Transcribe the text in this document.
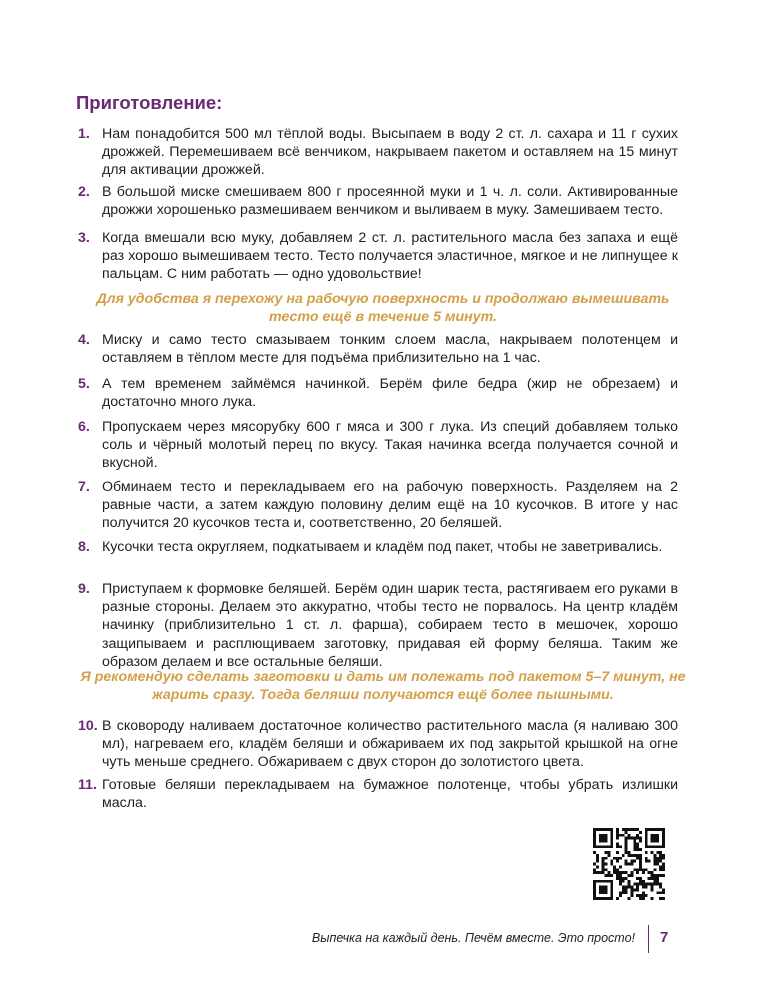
Приготовление:
1. Нам понадобится 500 мл тёплой воды. Высыпаем в воду 2 ст. л. сахара и 11 г сухих дрожжей. Перемешиваем всё венчиком, накрываем пакетом и оставляем на 15 минут для активации дрожжей.
2. В большой миске смешиваем 800 г просеянной муки и 1 ч. л. соли. Активированные дрожжи хорошенько размешиваем венчиком и выливаем в муку. Замешиваем тесто.
3. Когда вмешали всю муку, добавляем 2 ст. л. растительного масла без запаха и ещё раз хорошо вымешиваем тесто. Тесто получается эластичное, мягкое и не липнущее к пальцам. С ним работать — одно удовольствие!
Для удобства я перехожу на рабочую поверхность и продолжаю вымешивать тесто ещё в течение 5 минут.
4. Миску и само тесто смазываем тонким слоем масла, накрываем полотенцем и оставляем в тёплом месте для подъёма приблизительно на 1 час.
5. А тем временем займёмся начинкой. Берём филе бедра (жир не обрезаем) и достаточно много лука.
6. Пропускаем через мясорубку 600 г мяса и 300 г лука. Из специй добавляем только соль и чёрный молотый перец по вкусу. Такая начинка всегда получается сочной и вкусной.
7. Обминаем тесто и перекладываем его на рабочую поверхность. Разделяем на 2 равные части, а затем каждую половину делим ещё на 10 кусочков. В итоге у нас получится 20 кусочков теста и, соответственно, 20 беляшей.
8. Кусочки теста округляем, подкатываем и кладём под пакет, чтобы не заветривались.
9. Приступаем к формовке беляшей. Берём один шарик теста, растягиваем его руками в разные стороны. Делаем это аккуратно, чтобы тесто не порвалось. На центр кладём начинку (приблизительно 1 ст. л. фарша), собираем тесто в мешочек, хорошо защипываем и расплющиваем заготовку, придавая ей форму беляша. Таким же образом делаем и все остальные беляши.
Я рекомендую сделать заготовки и дать им полежать под пакетом 5–7 минут, не жарить сразу. Тогда беляши получаются ещё более пышными.
10. В сковороду наливаем достаточное количество растительного масла (я наливаю 300 мл), нагреваем его, кладём беляши и обжариваем их под закрытой крышкой на огне чуть меньше среднего. Обжариваем с двух сторон до золотистого цвета.
11. Готовые беляши перекладываем на бумажное полотенце, чтобы убрать излишки масла.
Выпечка на каждый день. Печём вместе. Это просто! 7
